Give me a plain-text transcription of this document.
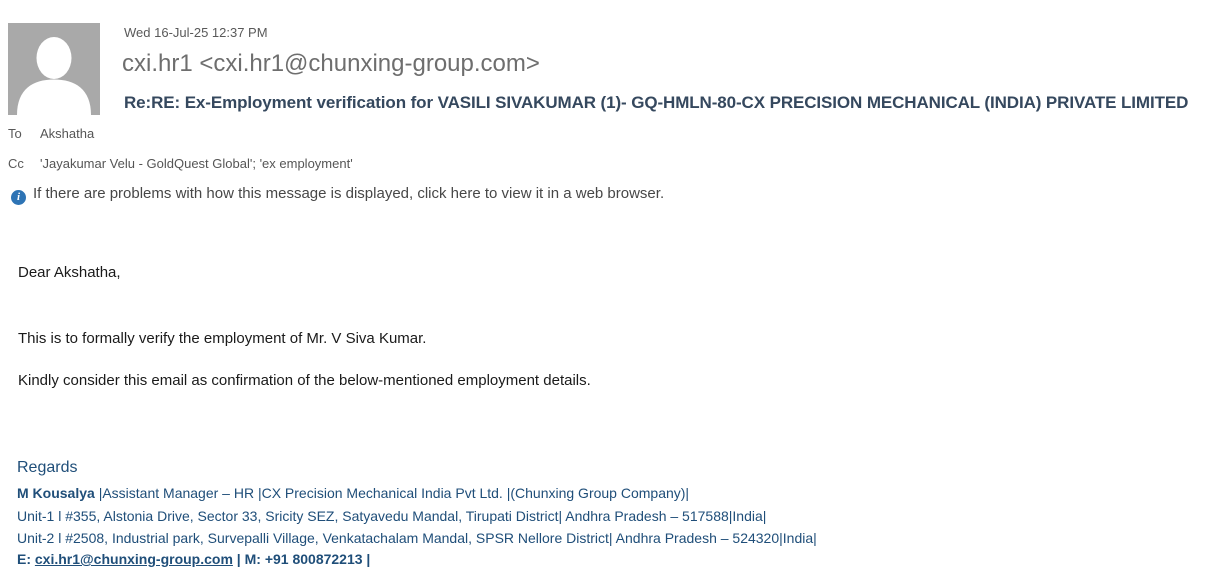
Wed 16-Jul-25 12:37 PM
cxi.hr1 <cxi.hr1@chunxing-group.com>
Re:RE: Ex-Employment verification for VASILI SIVAKUMAR (1)- GQ-HMLN-80-CX PRECISION MECHANICAL (INDIA) PRIVATE LIMITED
To Akshatha
Cc 'Jayakumar Velu - GoldQuest Global'; 'ex employment'
i If there are problems with how this message is displayed, click here to view it in a web browser.
Dear Akshatha,
This is to formally verify the employment of Mr. V Siva Kumar.
Kindly consider this email as confirmation of the below-mentioned employment details.
Regards
M Kousalya |Assistant Manager – HR |CX Precision Mechanical India Pvt Ltd. |(Chunxing Group Company)|
Unit-1 l #355, Alstonia Drive, Sector 33, Sricity SEZ, Satyavedu Mandal, Tirupati District| Andhra Pradesh – 517588|India|
Unit-2 l #2508, Industrial park, Survepalli Village, Venkatachalam Mandal, SPSR Nellore District| Andhra Pradesh – 524320|India|
E: cxi.hr1@chunxing-group.com | M: +91 800872213 |
